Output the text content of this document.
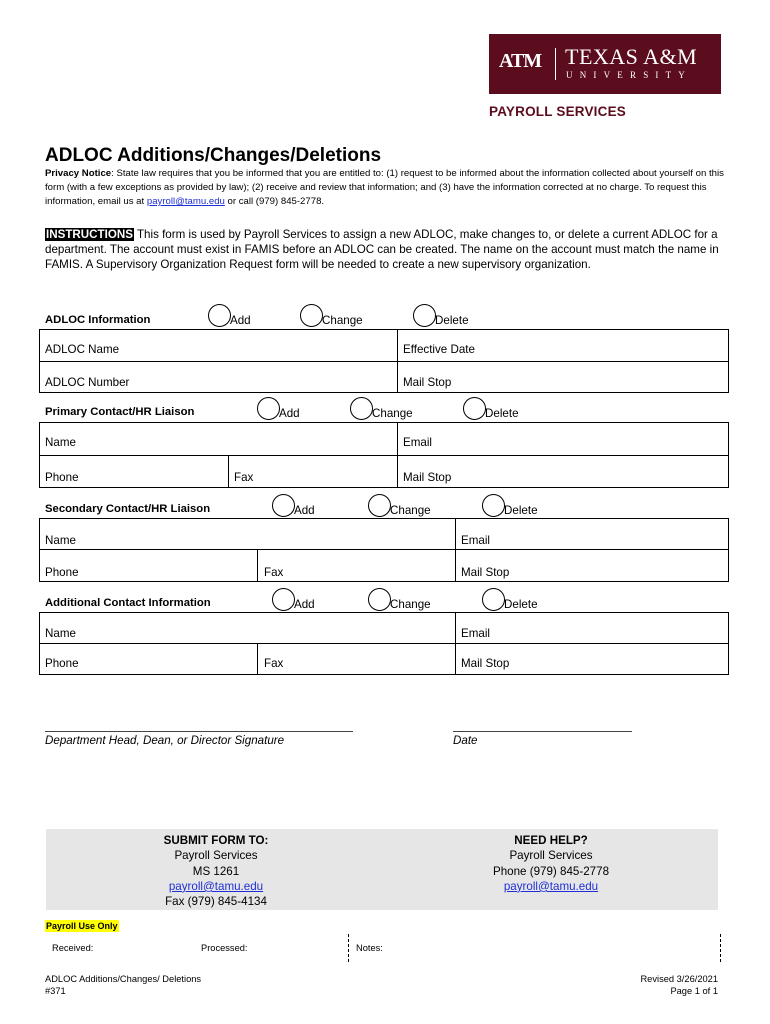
ATM TEXAS A&M
UNIVERSITY
PAYROLL SERVICES
ADLOC Additions/Changes/Deletions
Privacy Notice: State law requires that you be informed that you are entitled to: (1) request to be informed about the information collected about yourself on this form (with a few exceptions as provided by law); (2) receive and review that information; and (3) have the information corrected at no charge. To request this information, email us at payroll@tamu.edu or call (979) 845-2778.
INSTRUCTIONS This form is used by Payroll Services to assign a new ADLOC, make changes to, or delete a current ADLOC for a department. The account must exist in FAMIS before an ADLOC can be created. The name on the account must match the name in FAMIS. A Supervisory Organization Request form will be needed to create a new supervisory organization.
ADLOC Information	Add	Change	Delete
ADLOC Name	Effective Date
ADLOC Number	Mail Stop
Primary Contact/HR Liaison	Add	Change	Delete
Name	Email
Phone	Fax	Mail Stop
Secondary Contact/HR Liaison	Add	Change	Delete
Name	Email
Phone	Fax	Mail Stop
Additional Contact Information	Add	Change	Delete
Name	Email
Phone	Fax	Mail Stop
Department Head, Dean, or Director Signature	Date
SUBMIT FORM TO:
Payroll Services
MS 1261
payroll@tamu.edu
Fax (979) 845-4134
NEED HELP?
Payroll Services
Phone (979) 845-2778
payroll@tamu.edu
Payroll Use Only
Received:	Processed:	Notes:
ADLOC Additions/Changes/ Deletions
#371
Revised 3/26/2021
Page 1 of 1
